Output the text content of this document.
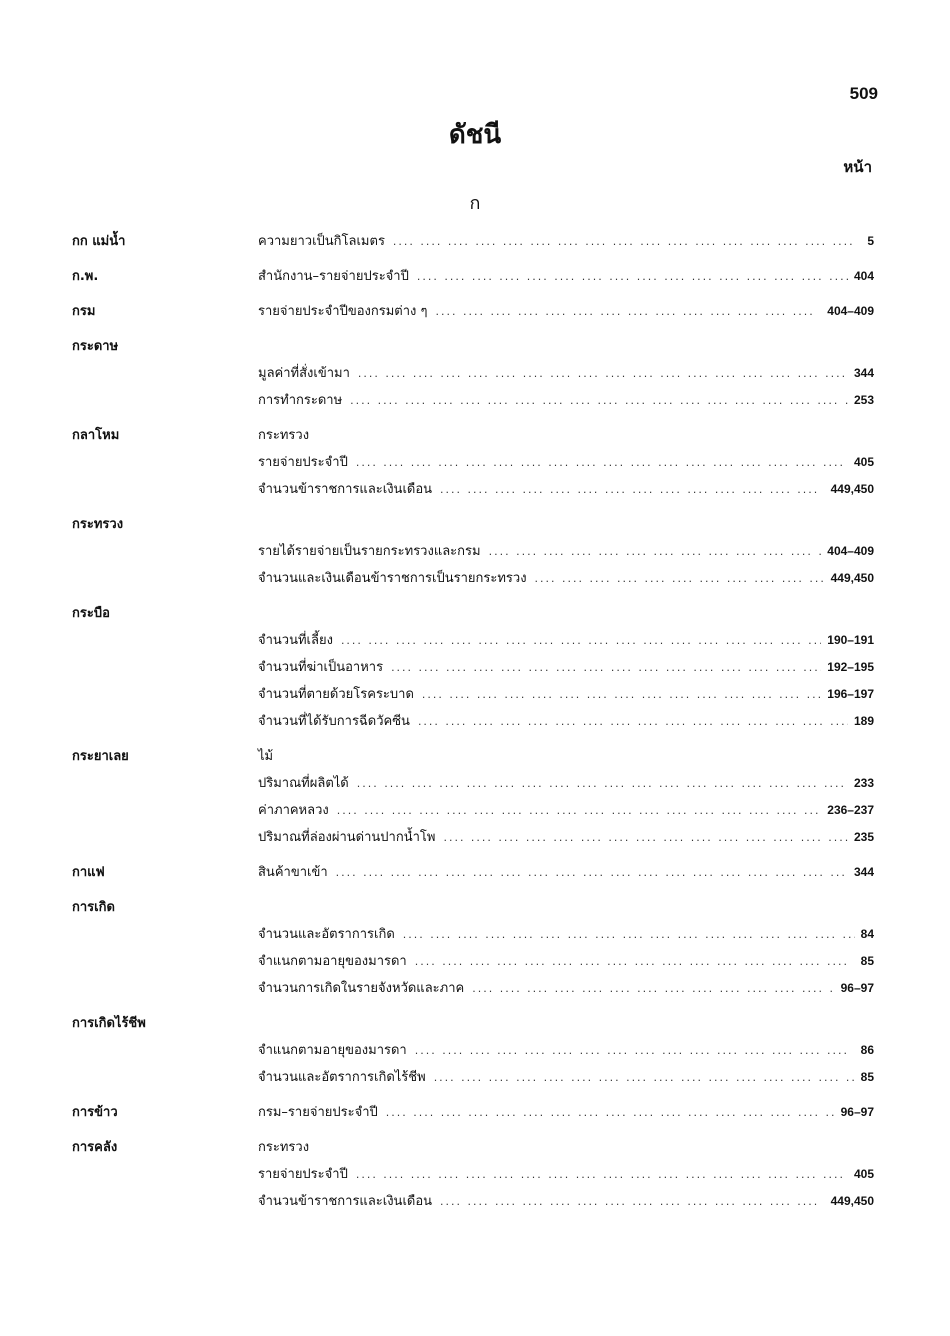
509
ดัชนี
หน้า
ก
กก แม่น้ำ	ความยาวเป็นกิโลเมตร ....	5
ก.พ.	สำนักงาน–รายจ่ายประจำปี ....	404
กรม	รายจ่ายประจำปีของกรมต่าง ๆ ....	404–409
กระดาษ
มูลค่าที่สั่งเข้ามา ....	344
การทำกระดาษ ....	253
กลาโหม	กระทรวง
รายจ่ายประจำปี ....	405
จำนวนข้าราชการและเงินเดือน ....	449,450
กระทรวง
รายได้รายจ่ายเป็นรายกระทรวงและกรม ....	404–409
จำนวนและเงินเดือนข้าราชการเป็นรายกระทรวง ....	449,450
กระบือ
จำนวนที่เลี้ยง ....	190–191
จำนวนที่ฆ่าเป็นอาหาร ....	192–195
จำนวนที่ตายด้วยโรคระบาด ....	196–197
จำนวนที่ได้รับการฉีดวัคซีน ....	189
กระยาเลย	ไม้
ปริมาณที่ผลิตได้ ....	233
ค่าภาคหลวง ....	236–237
ปริมาณที่ล่องผ่านด่านปากน้ำโพ ....	235
กาแฟ	สินค้าขาเข้า ....	344
การเกิด
จำนวนและอัตราการเกิด ....	84
จำแนกตามอายุของมารดา ....	85
จำนวนการเกิดในรายจังหวัดและภาค ....	96–97
การเกิดไร้ชีพ
จำแนกตามอายุของมารดา ....	86
จำนวนและอัตราการเกิดไร้ชีพ ....	85
การข้าว	กรม–รายจ่ายประจำปี ....	96–97
การคลัง	กระทรวง
รายจ่ายประจำปี ....	405
จำนวนข้าราชการและเงินเดือน ....	449,450
